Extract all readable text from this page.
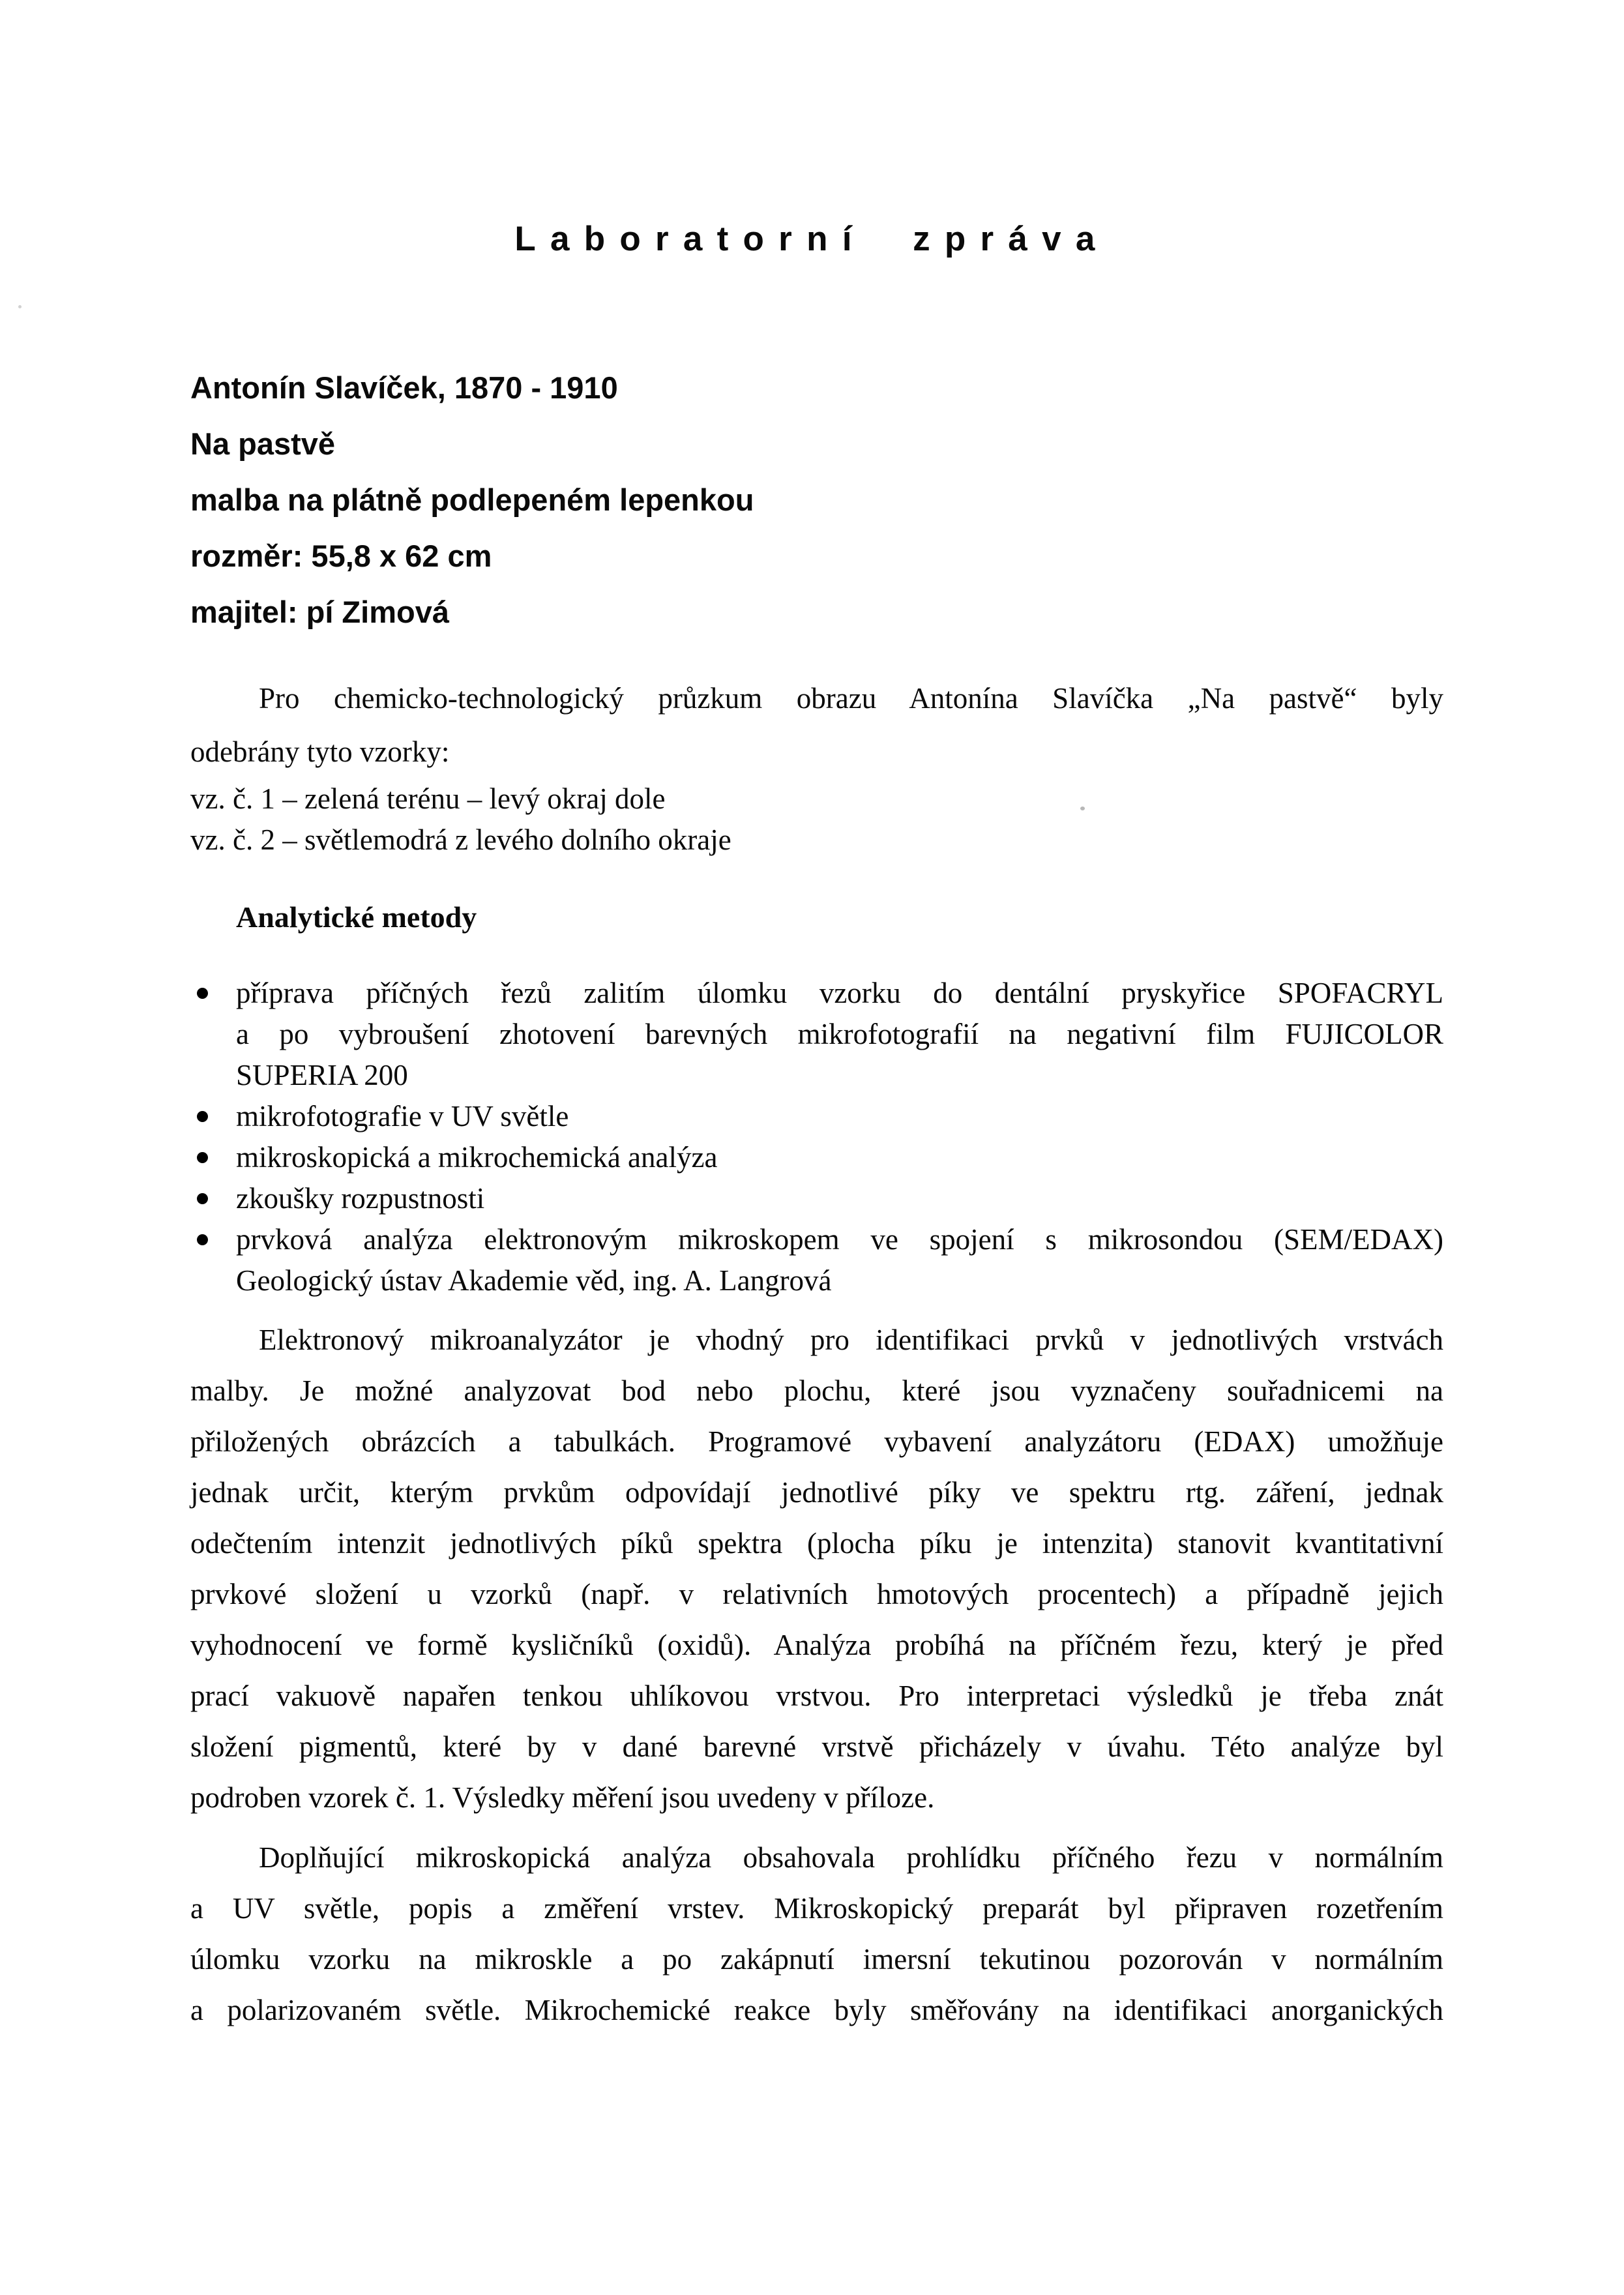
Laboratorní zpráva
Antonín Slavíček, 1870 - 1910
Na pastvě
malba na plátně podlepeném lepenkou
rozměr: 55,8 x 62 cm
majitel: pí Zimová
Pro chemicko-technologický průzkum obrazu Antonína Slavíčka „Na pastvě“ byly
odebrány tyto vzorky:
vz. č. 1 – zelená terénu – levý okraj dole
vz. č. 2 – světlemodrá z levého dolního okraje
Analytické metody
příprava příčných řezů zalitím úlomku vzorku do dentální pryskyřice SPOFACRYL
a po vybroušení zhotovení barevných mikrofotografií na negativní film FUJICOLOR
SUPERIA 200
mikrofotografie v UV světle
mikroskopická a mikrochemická analýza
zkoušky rozpustnosti
prvková analýza elektronovým mikroskopem ve spojení s mikrosondou (SEM/EDAX)
Geologický ústav Akademie věd, ing. A. Langrová
Elektronový mikroanalyzátor je vhodný pro identifikaci prvků v jednotlivých vrstvách
malby. Je možné analyzovat bod nebo plochu, které jsou vyznačeny souřadnicemi na
přiložených obrázcích a tabulkách. Programové vybavení analyzátoru (EDAX) umožňuje
jednak určit, kterým prvkům odpovídají jednotlivé píky ve spektru rtg. záření, jednak
odečtením intenzit jednotlivých píků spektra (plocha píku je intenzita) stanovit kvantitativní
prvkové složení u vzorků (např. v relativních hmotových procentech) a případně jejich
vyhodnocení ve formě kysličníků (oxidů). Analýza probíhá na příčném řezu, který je před
prací vakuově napařen tenkou uhlíkovou vrstvou. Pro interpretaci výsledků je třeba znát
složení pigmentů, které by v dané barevné vrstvě přicházely v úvahu. Této analýze byl
podroben vzorek č. 1. Výsledky měření jsou uvedeny v příloze.
Doplňující mikroskopická analýza obsahovala prohlídku příčného řezu v normálním
a UV světle, popis a změření vrstev. Mikroskopický preparát byl připraven rozetřením
úlomku vzorku na mikroskle a po zakápnutí imersní tekutinou pozorován v normálním
a polarizovaném světle. Mikrochemické reakce byly směřovány na identifikaci anorganických
